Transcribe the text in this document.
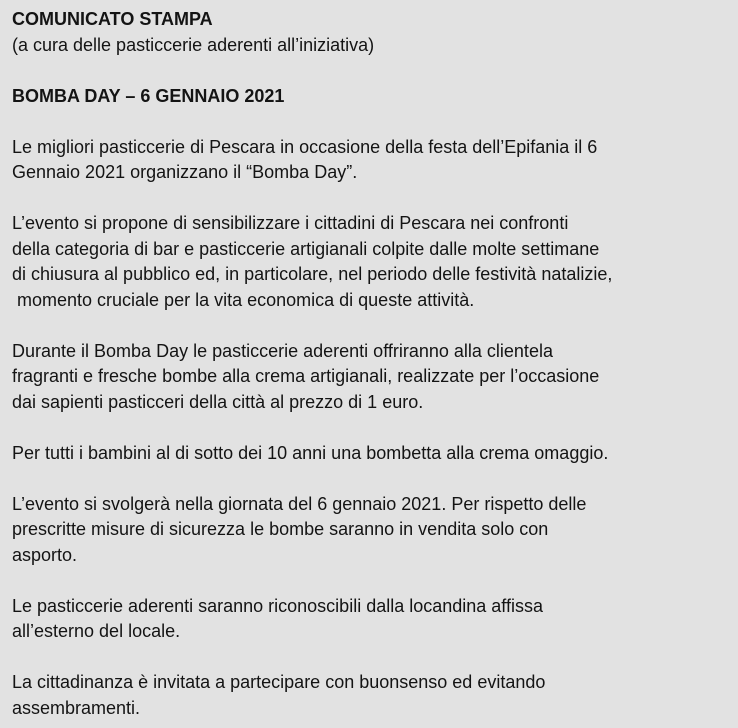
COMUNICATO STAMPA
(a cura delle pasticcerie aderenti all’iniziativa)
BOMBA DAY – 6 GENNAIO 2021
Le migliori pasticcerie di Pescara in occasione della festa dell’Epifania il 6
Gennaio 2021 organizzano il “Bomba Day”.
L’evento si propone di sensibilizzare i cittadini di Pescara nei confronti
della categoria di bar e pasticcerie artigianali colpite dalle molte settimane
di chiusura al pubblico ed, in particolare, nel periodo delle festività natalizie,
momento cruciale per la vita economica di queste attività.
Durante il Bomba Day le pasticcerie aderenti offriranno alla clientela
fragranti e fresche bombe alla crema artigianali, realizzate per l’occasione
dai sapienti pasticceri della città al prezzo di 1 euro.
Per tutti i bambini al di sotto dei 10 anni una bombetta alla crema omaggio.
L’evento si svolgerà nella giornata del 6 gennaio 2021. Per rispetto delle
prescritte misure di sicurezza le bombe saranno in vendita solo con
asporto.
Le pasticcerie aderenti saranno riconoscibili dalla locandina affissa
all’esterno del locale.
La cittadinanza è invitata a partecipare con buonsenso ed evitando
assembramenti.
